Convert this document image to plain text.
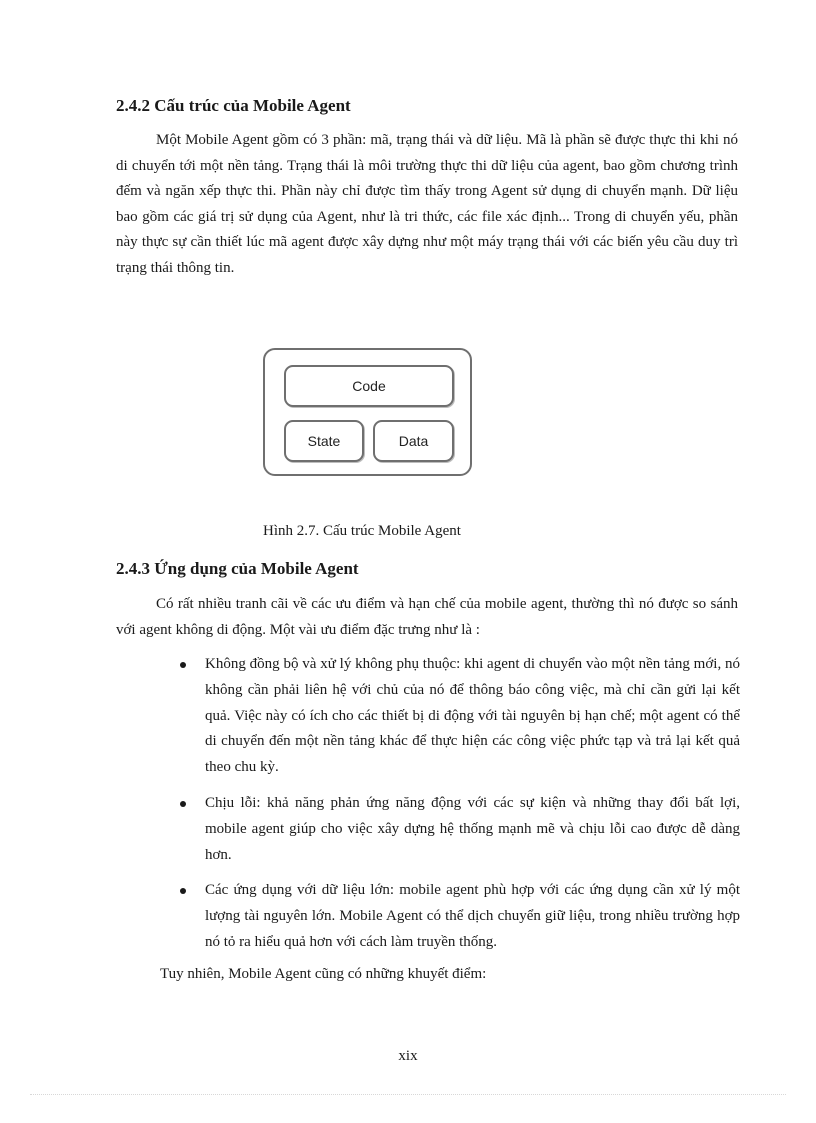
2.4.2 Cấu trúc của Mobile Agent

Một Mobile Agent gồm có 3 phần: mã, trạng thái và dữ liệu. Mã là phần sẽ được thực thi khi nó di chuyển tới một nền tảng. Trạng thái là môi trường thực thi dữ liệu của agent, bao gồm chương trình đếm và ngăn xếp thực thi. Phần này chỉ được tìm thấy trong Agent sử dụng di chuyển mạnh. Dữ liệu bao gồm các giá trị sử dụng của Agent, như là tri thức, các file xác định... Trong di chuyển yếu, phần này thực sự cần thiết lúc mã agent được xây dựng như một máy trạng thái với các biến yêu cầu duy trì trạng thái thông tin.

Code
State	Data
Hình 2.7. Cấu trúc Mobile Agent
2.4.3 Ứng dụng của Mobile Agent

Có rất nhiều tranh cãi về các ưu điểm và hạn chế của mobile agent, thường thì nó được so sánh với agent không di động. Một vài ưu điểm đặc trưng như là :

Không đồng bộ và xử lý không phụ thuộc: khi agent di chuyển vào một nền tảng mới, nó không cần phải liên hệ với chủ của nó để thông báo công việc, mà chỉ cần gửi lại kết quả. Việc này có ích cho các thiết bị di động với tài nguyên bị hạn chế; một agent có thể di chuyển đến một nền tảng khác để thực hiện các công việc phức tạp và trả lại kết quả theo chu kỳ.
Chịu lỗi: khả năng phản ứng năng động với các sự kiện và những thay đổi bất lợi, mobile agent giúp cho việc xây dựng hệ thống mạnh mẽ và chịu lỗi cao được dễ dàng hơn.
Các ứng dụng với dữ liệu lớn: mobile agent phù hợp với các ứng dụng cần xử lý một lượng tài nguyên lớn. Mobile Agent có thể dịch chuyển giữ liệu, trong nhiều trường hợp nó tỏ ra hiểu quả hơn với cách làm truyền thống.
Tuy nhiên, Mobile Agent cũng có những khuyết điểm:
xix
